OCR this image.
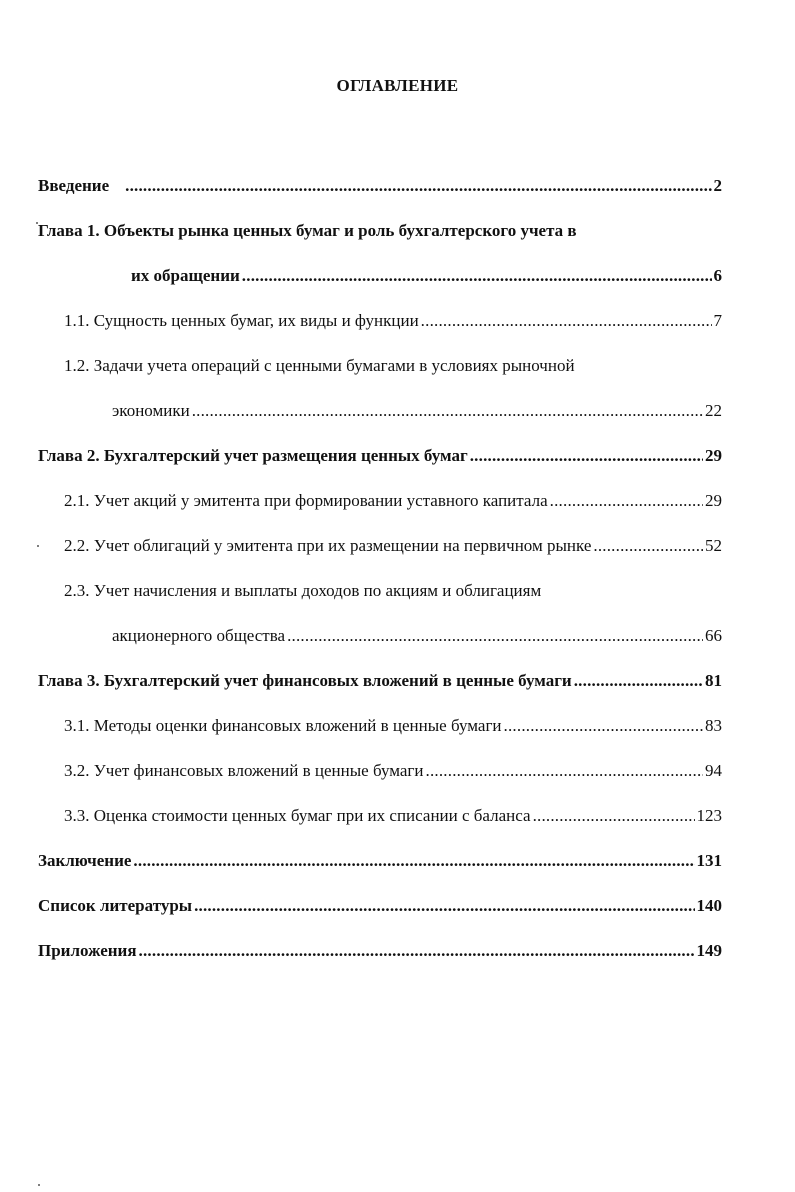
ОГЛАВЛЕНИЕ
Введение .....	2
Глава 1. Объекты рынка ценных бумаг и роль бухгалтерского учета в
их обращении .....	6
1.1. Сущность ценных бумаг, их виды и функции .....	7
1.2. Задачи учета операций с ценными бумагами в условиях рыночной
экономики .....	22
Глава 2. Бухгалтерский учет размещения ценных бумаг .....	29
2.1. Учет акций у эмитента при формировании уставного капитала .....	29
2.2. Учет облигаций у эмитента при их размещении на первичном рынке .....	52
2.3. Учет начисления и выплаты доходов по акциям и облигациям
акционерного общества .....	66
Глава 3. Бухгалтерский учет финансовых вложений в ценные бумаги .....	81
3.1. Методы оценки финансовых вложений в ценные бумаги .....	83
3.2. Учет финансовых вложений в ценные бумаги .....	94
3.3. Оценка стоимости ценных бумаг при их списании с баланса .....	123
Заключение .....	131
Список литературы .....	140
Приложения .....	149
